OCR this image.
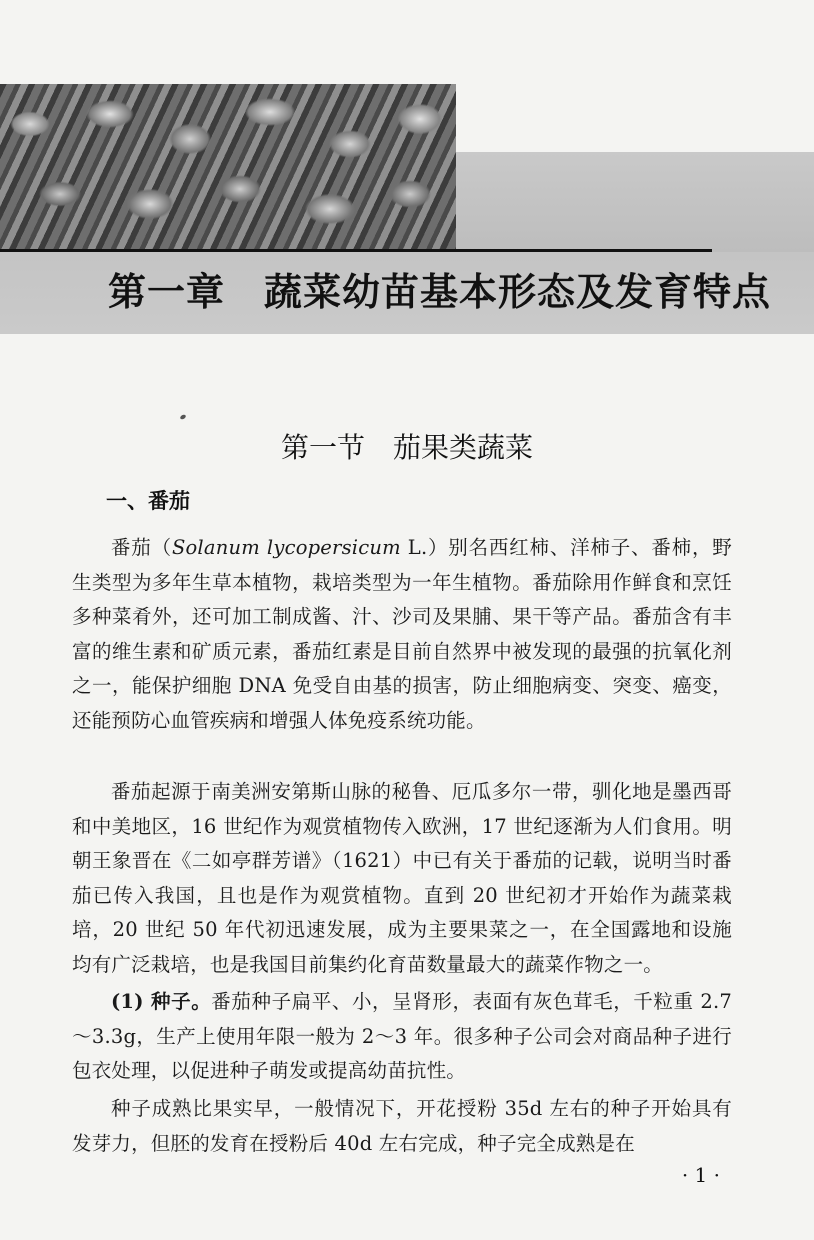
第一章　蔬菜幼苗基本形态及发育特点
第一节　茄果类蔬菜
一、番茄

番茄（Solanum lycopersicum L.）别名西红柿、洋柿子、番柿，野生类型为多年生草本植物，栽培类型为一年生植物。番茄除用作鲜食和烹饪多种菜肴外，还可加工制成酱、汁、沙司及果脯、果干等产品。番茄含有丰富的维生素和矿质元素，番茄红素是目前自然界中被发现的最强的抗氧化剂之一，能保护细胞 DNA 免受自由基的损害，防止细胞病变、突变、癌变，还能预防心血管疾病和增强人体免疫系统功能。

番茄起源于南美洲安第斯山脉的秘鲁、厄瓜多尔一带，驯化地是墨西哥和中美地区，16 世纪作为观赏植物传入欧洲，17 世纪逐渐为人们食用。明朝王象晋在《二如亭群芳谱》（1621）中已有关于番茄的记载，说明当时番茄已传入我国，且也是作为观赏植物。直到 20 世纪初才开始作为蔬菜栽培，20 世纪 50 年代初迅速发展，成为主要果菜之一，在全国露地和设施均有广泛栽培，也是我国目前集约化育苗数量最大的蔬菜作物之一。

(1) 种子。番茄种子扁平、小，呈肾形，表面有灰色茸毛，千粒重 2.7～3.3g，生产上使用年限一般为 2～3 年。很多种子公司会对商品种子进行包衣处理，以促进种子萌发或提高幼苗抗性。

种子成熟比果实早，一般情况下，开花授粉 35d 左右的种子开始具有发芽力，但胚的发育在授粉后 40d 左右完成，种子完全成熟是在

· 1 ·
